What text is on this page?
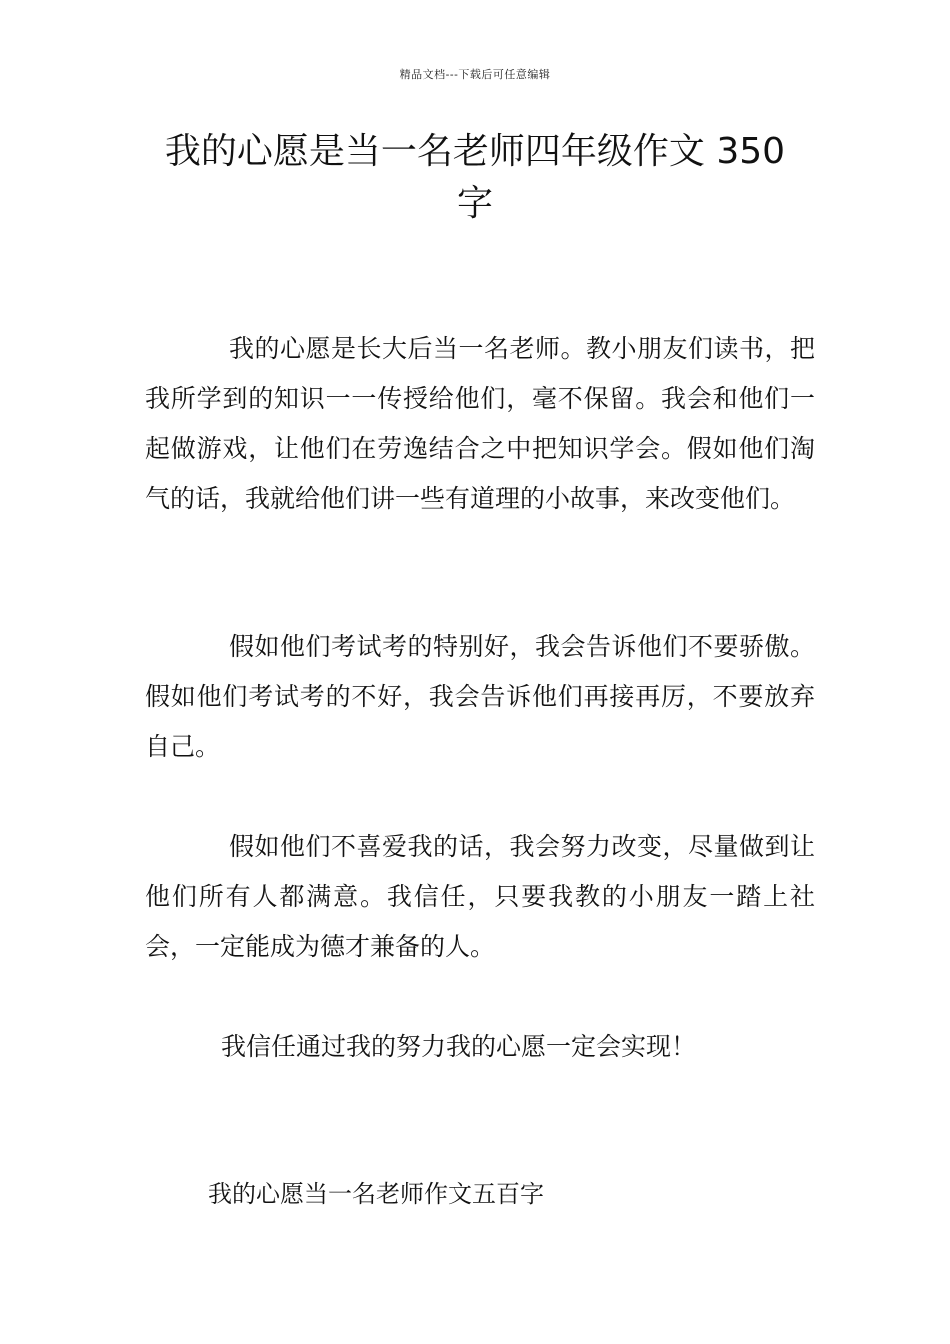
精品文档---下载后可任意编辑
我的心愿是当一名老师四年级作文 350 字

我的心愿是长大后当一名老师。教小朋友们读书，把我所学到的知识一一传授给他们，毫不保留。我会和他们一起做游戏，让他们在劳逸结合之中把知识学会。假如他们淘气的话，我就给他们讲一些有道理的小故事，来改变他们。

假如他们考试考的特别好，我会告诉他们不要骄傲。假如他们考试考的不好，我会告诉他们再接再厉，不要放弃自己。

假如他们不喜爱我的话，我会努力改变，尽量做到让他们所有人都满意。我信任，只要我教的小朋友一踏上社会，一定能成为德才兼备的人。

我信任通过我的努力我的心愿一定会实现！

我的心愿当一名老师作文五百字
